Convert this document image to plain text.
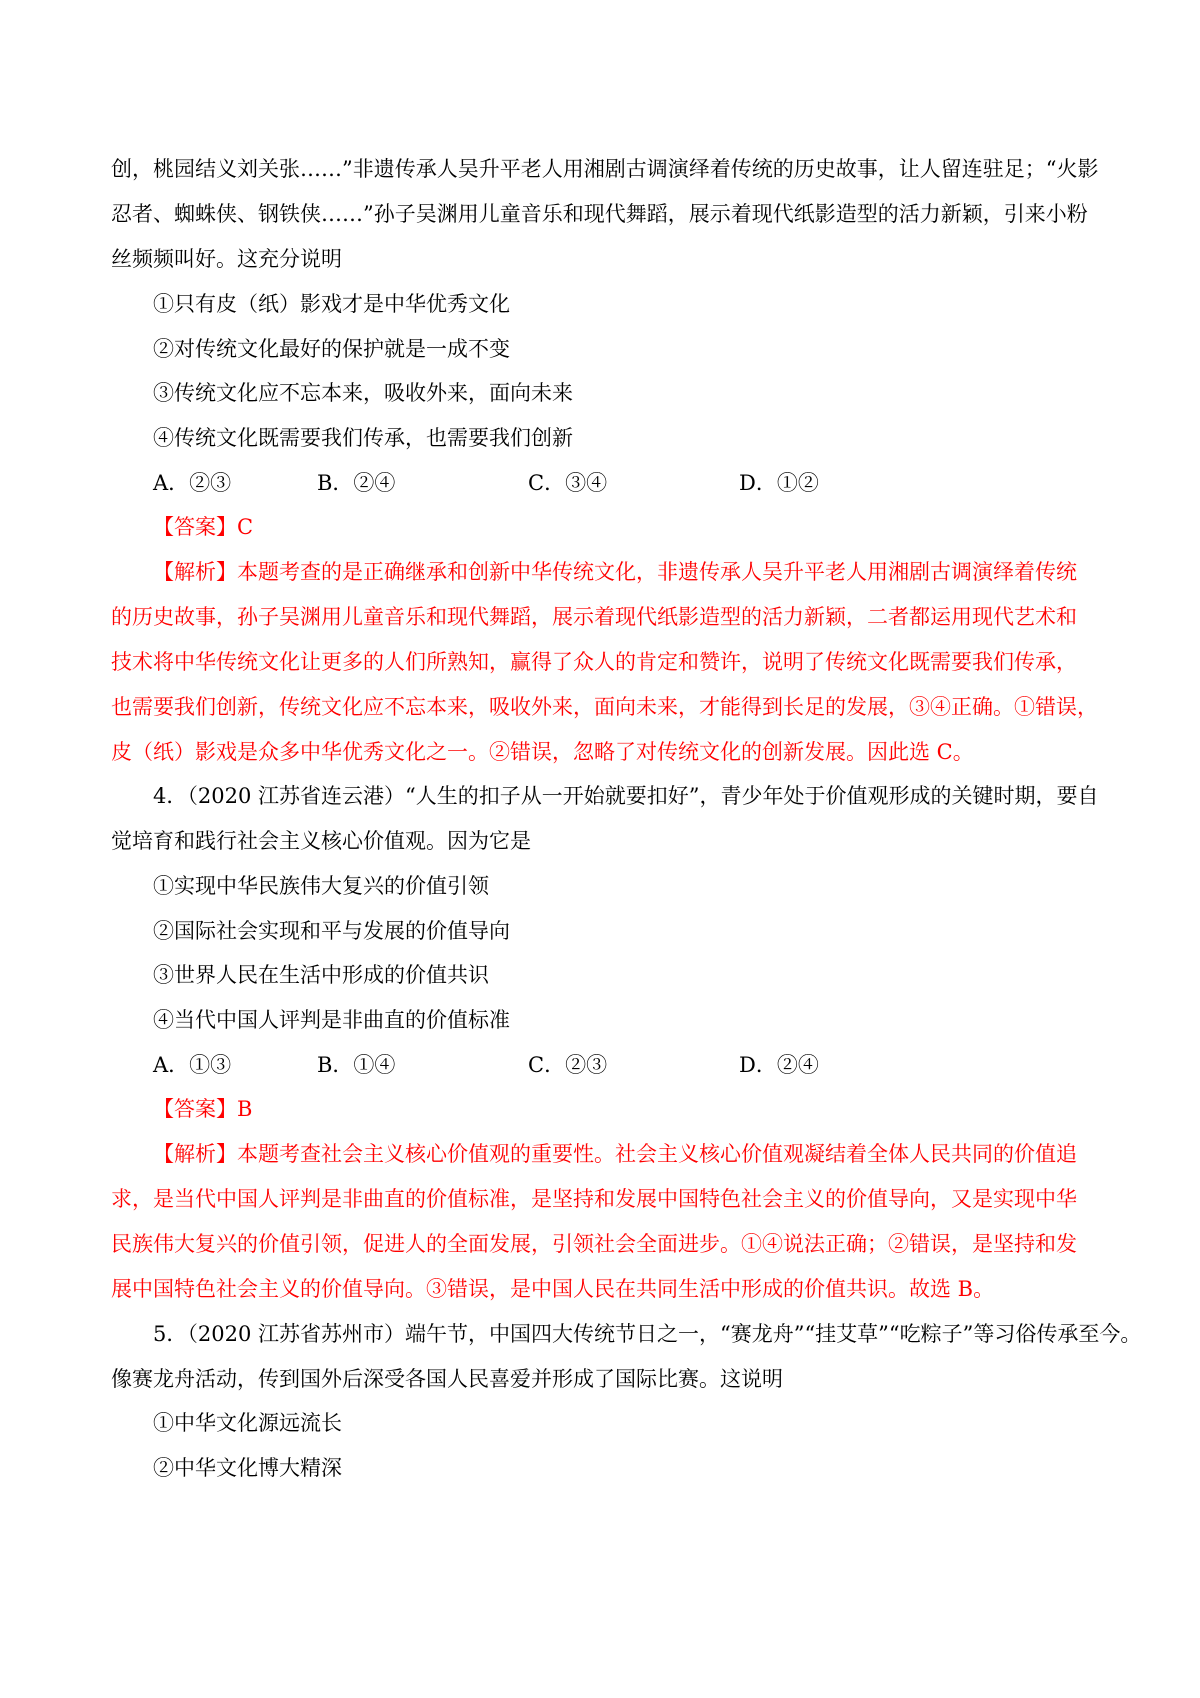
创，桃园结义刘关张……”非遗传承人吴升平老人用湘剧古调演绎着传统的历史故事，让人留连驻足；“火影
忍者、蜘蛛侠、钢铁侠……”孙子吴渊用儿童音乐和现代舞蹈，展示着现代纸影造型的活力新颖，引来小粉
丝频频叫好。这充分说明
①只有皮（纸）影戏才是中华优秀文化
②对传统文化最好的保护就是一成不变
③传统文化应不忘本来，吸收外来，面向未来
④传统文化既需要我们传承，也需要我们创新
A．②③	B．②④	C．③④	D．①②
【答案】C
【解析】本题考查的是正确继承和创新中华传统文化，非遗传承人吴升平老人用湘剧古调演绎着传统
的历史故事，孙子吴渊用儿童音乐和现代舞蹈，展示着现代纸影造型的活力新颖，二者都运用现代艺术和
技术将中华传统文化让更多的人们所熟知，赢得了众人的肯定和赞许，说明了传统文化既需要我们传承，
也需要我们创新，传统文化应不忘本来，吸收外来，面向未来，才能得到长足的发展，③④正确。①错误，
皮（纸）影戏是众多中华优秀文化之一。②错误，忽略了对传统文化的创新发展。因此选 C。
4．（2020 江苏省连云港）“人生的扣子从一开始就要扣好”，青少年处于价值观形成的关键时期，要自
觉培育和践行社会主义核心价值观。因为它是
①实现中华民族伟大复兴的价值引领
②国际社会实现和平与发展的价值导向
③世界人民在生活中形成的价值共识
④当代中国人评判是非曲直的价值标准
A．①③	B．①④	C．②③	D．②④
【答案】B
【解析】本题考查社会主义核心价值观的重要性。社会主义核心价值观凝结着全体人民共同的价值追
求，是当代中国人评判是非曲直的价值标准，是坚持和发展中国特色社会主义的价值导向，又是实现中华
民族伟大复兴的价值引领，促进人的全面发展，引领社会全面进步。①④说法正确；②错误，是坚持和发
展中国特色社会主义的价值导向。③错误，是中国人民在共同生活中形成的价值共识。故选 B。
5．（2020 江苏省苏州市）端午节，中国四大传统节日之一，“赛龙舟”“挂艾草”“吃粽子”等习俗传承至今。
像赛龙舟活动，传到国外后深受各国人民喜爱并形成了国际比赛。这说明
①中华文化源远流长
②中华文化博大精深
